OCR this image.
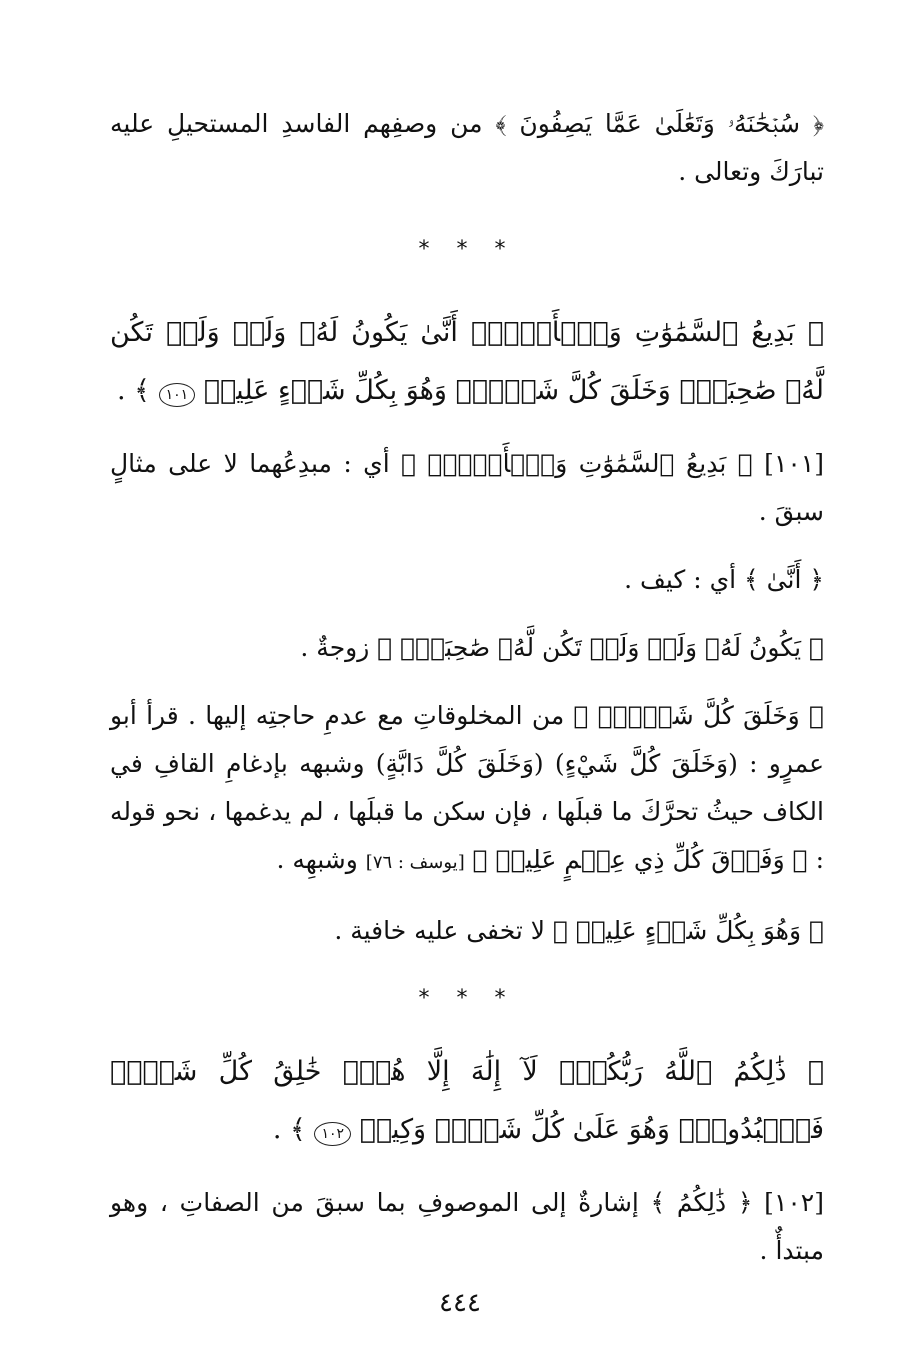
﴿ سُبۡحَٰنَهُۥ وَتَعَٰلَىٰ عَمَّا يَصِفُونَ ﴾ من وصفِهم الفاسدِ المستحيلِ عليه تبارَكَ وتعالى .

* * *

﴿ بَدِيعُ ٱلسَّمَٰوَٰتِ وَٱلۡأَرۡضِۖ أَنَّىٰ يَكُونُ لَهُۥ وَلَدٞ وَلَمۡ تَكُن لَّهُۥ صَٰحِبَةٞۖ وَخَلَقَ كُلَّ شَيۡءٖۖ وَهُوَ بِكُلِّ شَيۡءٍ عَلِيمٞ ١٠١ ﴾ .

[١٠١] ﴿ بَدِيعُ ٱلسَّمَٰوَٰتِ وَٱلۡأَرۡضِۖ ﴾ أي : مبدِعُهما لا على مثالٍ سبقَ .

﴿ أَنَّىٰ ﴾ أي : كيف .

﴿ يَكُونُ لَهُۥ وَلَدٞ وَلَمۡ تَكُن لَّهُۥ صَٰحِبَةٞۖ ﴾ زوجةٌ .

﴿ وَخَلَقَ كُلَّ شَيۡءٖۖ ﴾ من المخلوقاتِ مع عدمِ حاجتِه إليها . قرأ أبو عمرٍو : (وَخَلَقَ كُلَّ شَيْءٍ) (وَخَلَقَ كُلَّ دَابَّةٍ) وشبهه بإدغامِ القافِ في الكاف حيثُ تحرَّكَ ما قبلَها ، فإن سكن ما قبلَها ، لم يدغمها ، نحو قوله : ﴿ وَفَوۡقَ كُلِّ ذِي عِلۡمٍ عَلِيمٞ ﴾ [يوسف : ٧٦] وشبهِه .

﴿ وَهُوَ بِكُلِّ شَيۡءٍ عَلِيمٞ ﴾ لا تخفى عليه خافية .

* * *

﴿ ذَٰلِكُمُ ٱللَّهُ رَبُّكُمۡۖ لَآ إِلَٰهَ إِلَّا هُوَۖ خَٰلِقُ كُلِّ شَيۡءٖ فَٱعۡبُدُوهُۚ وَهُوَ عَلَىٰ كُلِّ شَيۡءٖ وَكِيلٞ ١٠٢ ﴾ .

[١٠٢] ﴿ ذَٰلِكُمُ ﴾ إشارةٌ إلى الموصوفِ بما سبقَ من الصفاتِ ، وهو مبتدأٌ .

٤٤٤
